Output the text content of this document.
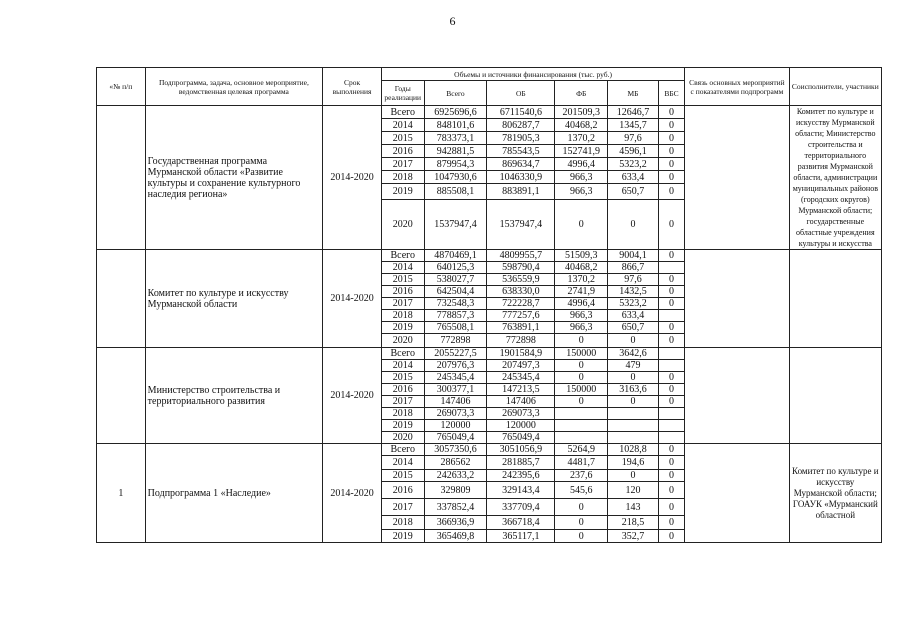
6
«№ п/п	Подпрограмма, задача, основное мероприятие, ведомственная целевая программа	Срок выполнения	Объемы и источники финансирования (тыс. руб.)						Связь основных мероприятий с показателями подпрограмм	Соисполнители, участники
			Годы реализации	Всего	ОБ	ФБ	МБ	ВБС		
	Государственная программа Мурманской области «Развитие культуры и сохранение культурного наследия региона»	2014-2020	Всего	6925696,6	6711540,6	201509,3	12646,7	0		Комитет по культуре и искусству Мурманской области; Министерство строительства и территориального развития Мурманской области, администрации муниципальных районов (городских округов) Мурманской области; государственные областные учреждения культуры и искусства
			2014	848101,6	806287,7	40468,2	1345,7	0		
			2015	783373,1	781905,3	1370,2	97,6	0		
			2016	942881,5	785543,5	152741,9	4596,1	0		
			2017	879954,3	869634,7	4996,4	5323,2	0		
			2018	1047930,6	1046330,9	966,3	633,4	0		
			2019	885508,1	883891,1	966,3	650,7	0		
			2020	1537947,4	1537947,4	0	0	0		
	Комитет по культуре и искусству Мурманской области	2014-2020	Всего	4870469,1	4809955,7	51509,3	9004,1	0		
			2014	640125,3	598790,4	40468,2	866,7			
			2015	538027,7	536559,9	1370,2	97,6	0		
			2016	642504,4	638330,0	2741,9	1432,5	0		
			2017	732548,3	722228,7	4996,4	5323,2	0		
			2018	778857,3	777257,6	966,3	633,4			
			2019	765508,1	763891,1	966,3	650,7	0		
			2020	772898	772898	0	0	0		
	Министерство строительства и территориального развития	2014-2020	Всего	2055227,5	1901584,9	150000	3642,6			
			2014	207976,3	207497,3	0	479			
			2015	245345,4	245345,4	0	0	0		
			2016	300377,1	147213,5	150000	3163,6	0		
			2017	147406	147406	0	0	0		
			2018	269073,3	269073,3					
			2019	120000	120000					
			2020	765049,4	765049,4					
1	Подпрограмма 1 «Наследие»	2014-2020	Всего	3057350,6	3051056,9	5264,9	1028,8	0		Комитет по культуре и искусству Мурманской области; ГОАУК «Мурманский областной
			2014	286562	281885,7	4481,7	194,6	0		
			2015	242633,2	242395,6	237,6	0	0		
			2016	329809	329143,4	545,6	120	0		
			2017	337852,4	337709,4	0	143	0		
			2018	366936,9	366718,4	0	218,5	0		
			2019	365469,8	365117,1	0	352,7	0		
